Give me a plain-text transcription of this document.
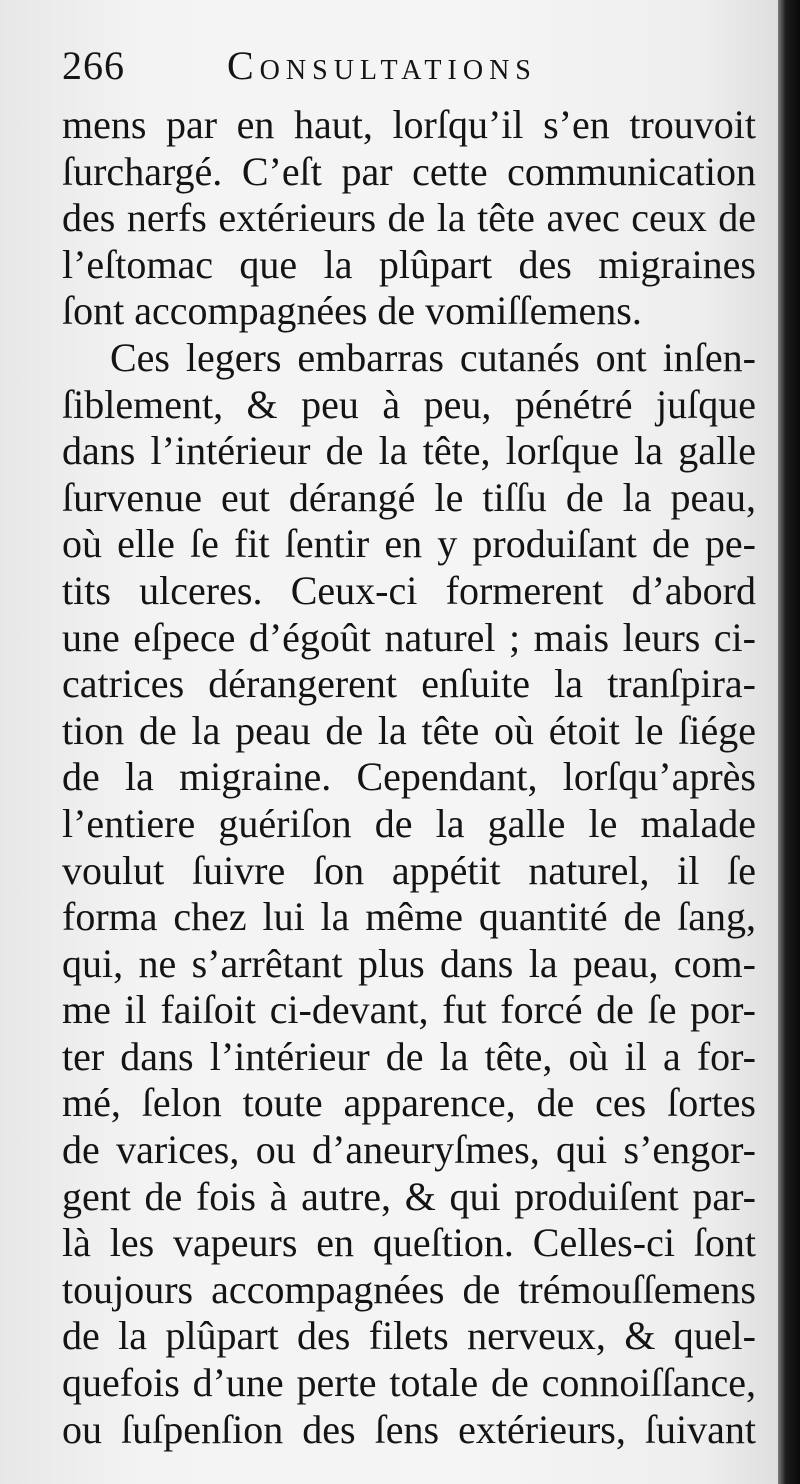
266	Consultations
mens par en haut, lorſqu’il s’en trouvoit
ſurchargé. C’eſt par cette communication
des nerfs extérieurs de la tête avec ceux de
l’eſtomac que la plûpart des migraines
ſont accompagnées de vomiſſemens.
Ces legers embarras cutanés ont inſen-
ſiblement, & peu à peu, pénétré juſque
dans l’intérieur de la tête, lorſque la galle
ſurvenue eut dérangé le tiſſu de la peau,
où elle ſe fit ſentir en y produiſant de pe-
tits ulceres. Ceux-ci formerent d’abord
une eſpece d’égoût naturel ; mais leurs ci-
catrices dérangerent enſuite la tranſpira-
tion de la peau de la tête où étoit le ſiége
de la migraine. Cependant, lorſqu’après
l’entiere guériſon de la galle le malade
voulut ſuivre ſon appétit naturel, il ſe
forma chez lui la même quantité de ſang,
qui, ne s’arrêtant plus dans la peau, com-
me il faiſoit ci-devant, fut forcé de ſe por-
ter dans l’intérieur de la tête, où il a for-
mé, ſelon toute apparence, de ces ſortes
de varices, ou d’aneuryſmes, qui s’engor-
gent de fois à autre, & qui produiſent par-
là les vapeurs en queſtion. Celles-ci ſont
toujours accompagnées de trémouſſemens
de la plûpart des filets nerveux, & quel-
quefois d’une perte totale de connoiſſance,
ou ſuſpenſion des ſens extérieurs, ſuivant
